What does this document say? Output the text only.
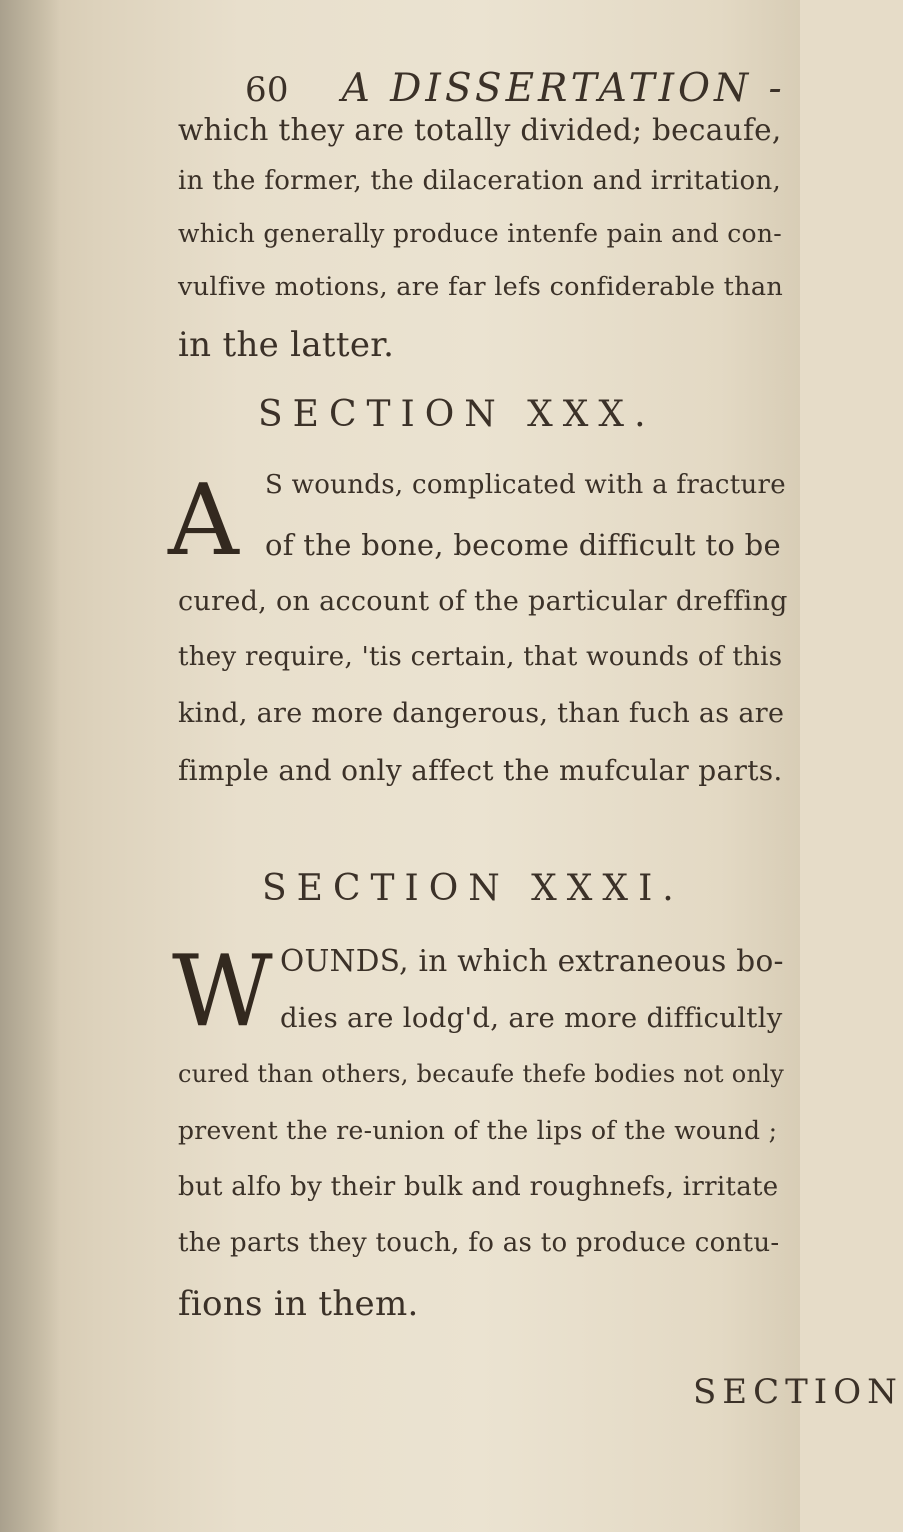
60 A DISSERTATION -
which they are totally divided; becaufe,
in the former, the dilaceration and irritation,
which generally produce intenfe pain and con-
vulfive motions, are far lefs confiderable than
in the latter.
SECTION XXX.
A S wounds, complicated with a fracture
of the bone, become difficult to be
cured, on account of the particular dreffing
they require, 'tis certain, that wounds of this
kind, are more dangerous, than fuch as are
fimple and only affect the mufcular parts.
SECTION XXXI.
W OUNDS, in which extraneous bo-
dies are lodg'd, are more difficultly
cured than others, becaufe thefe bodies not only
prevent the re-union of the lips of the wound ;
but alfo by their bulk and roughnefs, irritate
the parts they touch, fo as to produce contu-
fions in them.
SECTION
